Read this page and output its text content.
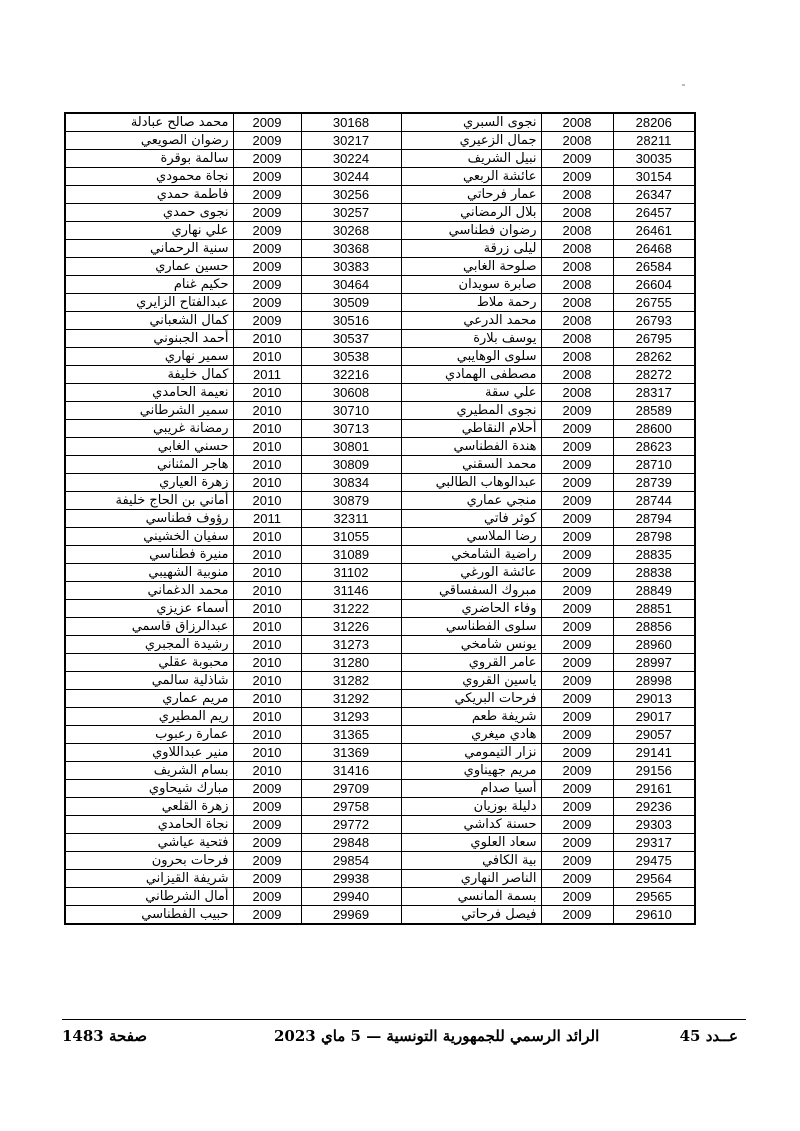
محمد صالح عبادلة	2009	30168	نجوى السبري	2008	28206
رضوان الصويعي	2009	30217	جمال الزعيري	2008	28211
سالمة بوقرة	2009	30224	نبيل الشريف	2009	30035
نجاة محمودي	2009	30244	عائشة الربعي	2009	30154
فاطمة حمدي	2009	30256	عمار فرحاتي	2008	26347
نجوى حمدي	2009	30257	بلال الرمضاني	2008	26457
علي نهاري	2009	30268	رضوان فطناسي	2008	26461
سنية الرحماني	2009	30368	ليلى زرقة	2008	26468
حسين عماري	2009	30383	صلوحة الغابي	2008	26584
حكيم غنام	2009	30464	صابرة سويدان	2008	26604
عبدالفتاح الزايري	2009	30509	رحمة ملاط	2008	26755
كمال الشعباني	2009	30516	محمد الدرعي	2008	26793
أحمد الجبنوني	2010	30537	يوسف بلارة	2008	26795
سمير نهاري	2010	30538	سلوى الوهايبي	2008	28262
كمال خليفة	2011	32216	مصطفى الهمادي	2008	28272
نعيمة الحامدي	2010	30608	علي سقة	2008	28317
سمير الشرطاني	2010	30710	نجوى المطيري	2009	28589
رمضانة غريبي	2010	30713	أحلام النقاطي	2009	28600
حسني الغابي	2010	30801	هندة الفطناسي	2009	28623
هاجر المثناني	2010	30809	محمد السقني	2009	28710
زهرة العياري	2010	30834	عبدالوهاب الطالبي	2009	28739
أماني بن الحاج خليفة	2010	30879	منجي عماري	2009	28744
رؤوف فطناسي	2011	32311	كوثر فاتي	2009	28794
سفيان الخشيني	2010	31055	رضا الملاسي	2009	28798
منيرة فطناسي	2010	31089	راضية الشامخي	2009	28835
منوبية الشهيبي	2010	31102	عائشة الورغي	2009	28838
محمد الدغماني	2010	31146	مبروك السفساقي	2009	28849
أسماء عزيزي	2010	31222	وفاء الحاضري	2009	28851
عبدالرزاق قاسمي	2010	31226	سلوى الفطناسي	2009	28856
رشيدة المجبري	2010	31273	يونس شامخي	2009	28960
محبوبة عقلي	2010	31280	عامر القروي	2009	28997
شاذلية سالمي	2010	31282	ياسين القروي	2009	28998
مريم عماري	2010	31292	فرحات البريكي	2009	29013
ريم المطيري	2010	31293	شريفة طعم	2009	29017
عمارة رعبوب	2010	31365	هادي ميغري	2009	29057
منير عبداللاوي	2010	31369	نزار التيمومي	2009	29141
بسام الشريف	2010	31416	مريم جهيناوي	2009	29156
مبارك شيحاوي	2009	29709	أسيا صدام	2009	29161
زهرة القلعي	2009	29758	دليلة بوزيان	2009	29236
نجاة الحامدي	2009	29772	حسنة كداشي	2009	29303
فتحية عياشي	2009	29848	سعاد العلوي	2009	29317
فرحات بحرون	2009	29854	بية الكافي	2009	29475
شريفة القيزاني	2009	29938	الناصر النهاري	2009	29564
أمال الشرطاني	2009	29940	بسمة المانسي	2009	29565
حبيب الفطناسي	2009	29969	فيصل فرحاتي	2009	29610
عــدد 45
الرائد الرسمي للجمهورية التونسية — 5 ماي 2023
صفحة 1483
